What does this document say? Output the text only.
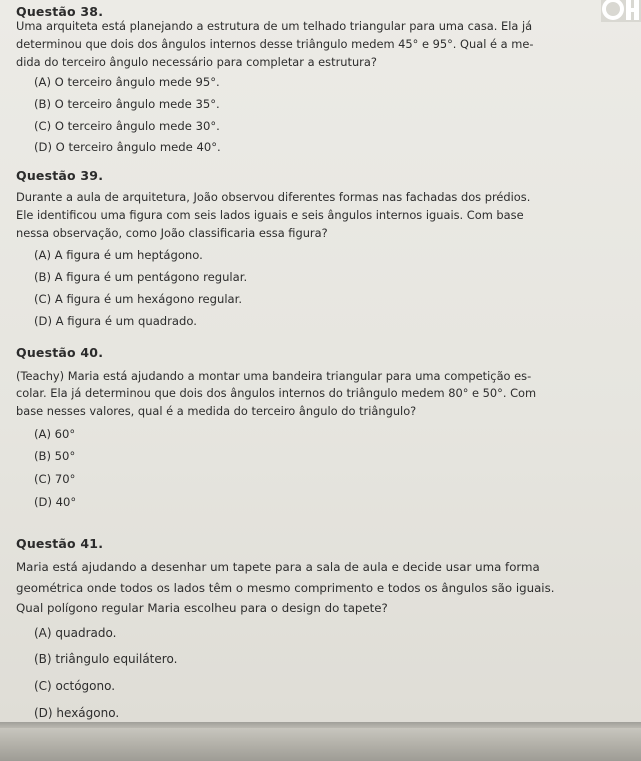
Questão 38.
Uma arquiteta está planejando a estrutura de um telhado triangular para uma casa. Ela já
determinou que dois dos ângulos internos desse triângulo medem 45° e 95°. Qual é a me-
dida do terceiro ângulo necessário para completar a estrutura?
(A) O terceiro ângulo mede 95°.
(B) O terceiro ângulo mede 35°.
(C) O terceiro ângulo mede 30°.
(D) O terceiro ângulo mede 40°.
Questão 39.
Durante a aula de arquitetura, João observou diferentes formas nas fachadas dos prédios.
Ele identificou uma figura com seis lados iguais e seis ângulos internos iguais. Com base
nessa observação, como João classificaria essa figura?
(A) A figura é um heptágono.
(B) A figura é um pentágono regular.
(C) A figura é um hexágono regular.
(D) A figura é um quadrado.
Questão 40.
(Teachy) Maria está ajudando a montar uma bandeira triangular para uma competição es-
colar. Ela já determinou que dois dos ângulos internos do triângulo medem 80° e 50°. Com
base nesses valores, qual é a medida do terceiro ângulo do triângulo?
(A) 60°
(B) 50°
(C) 70°
(D) 40°
Questão 41.
Maria está ajudando a desenhar um tapete para a sala de aula e decide usar uma forma
geométrica onde todos os lados têm o mesmo comprimento e todos os ângulos são iguais.
Qual polígono regular Maria escolheu para o design do tapete?
(A) quadrado.
(B) triângulo equilátero.
(C) octógono.
(D) hexágono.
